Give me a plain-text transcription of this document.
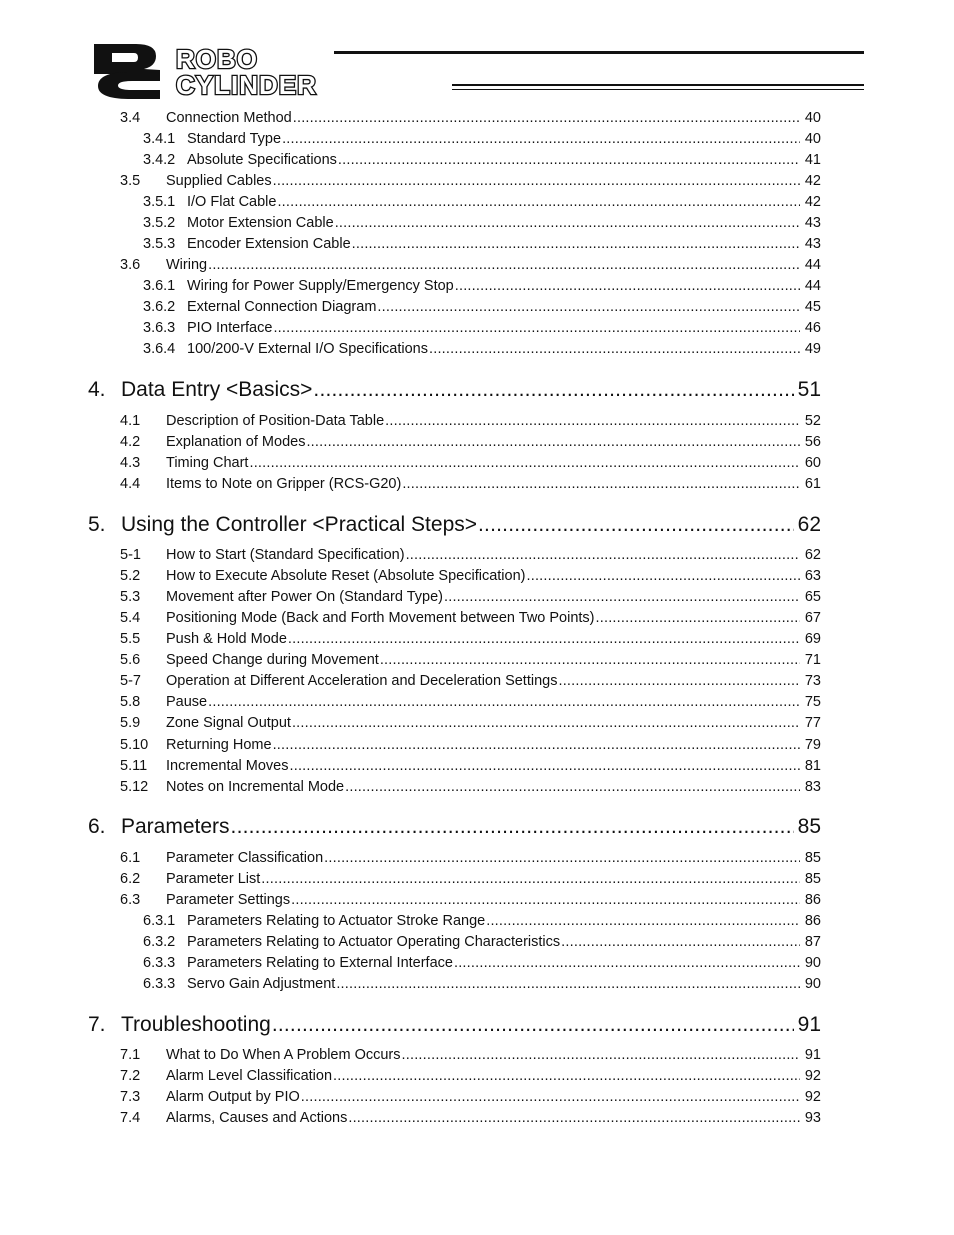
ROBO
CYLINDER
3.4	Connection Method .....	40
3.4.1 Standard Type .....	40
3.4.2 Absolute Specifications .....	41
3.5	Supplied Cables .....	42
3.5.1 I/O Flat Cable .....	42
3.5.2 Motor Extension Cable .....	43
3.5.3 Encoder Extension Cable .....	43
3.6	Wiring .....	44
3.6.1 Wiring for Power Supply/Emergency Stop .....	44
3.6.2 External Connection Diagram .....	45
3.6.3 PIO Interface .....	46
3.6.4 100/200-V External I/O Specifications .....	49
4. Data Entry <Basics> .....	51
4.1	Description of Position-Data Table .....	52
4.2	Explanation of Modes .....	56
4.3	Timing Chart .....	60
4.4	Items to Note on Gripper (RCS-G20) .....	61
5. Using the Controller <Practical Steps> .....	62
5-1	How to Start (Standard Specification) .....	62
5.2	How to Execute Absolute Reset (Absolute Specification) .....	63
5.3	Movement after Power On (Standard Type) .....	65
5.4	Positioning Mode (Back and Forth Movement between Two Points) .....	67
5.5	Push & Hold Mode .....	69
5.6	Speed Change during Movement .....	71
5-7	Operation at Different Acceleration and Deceleration Settings .....	73
5.8	Pause .....	75
5.9	Zone Signal Output .....	77
5.10	Returning Home .....	79
5.11	Incremental Moves .....	81
5.12	Notes on Incremental Mode .....	83
6. Parameters .....	85
6.1	Parameter Classification .....	85
6.2	Parameter List .....	85
6.3	Parameter Settings .....	86
6.3.1 Parameters Relating to Actuator Stroke Range .....	86
6.3.2 Parameters Relating to Actuator Operating Characteristics .....	87
6.3.3 Parameters Relating to External Interface .....	90
6.3.3 Servo Gain Adjustment .....	90
7. Troubleshooting .....	91
7.1	What to Do When A Problem Occurs .....	91
7.2	Alarm Level Classification .....	92
7.3	Alarm Output by PIO .....	92
7.4	Alarms, Causes and Actions .....	93
